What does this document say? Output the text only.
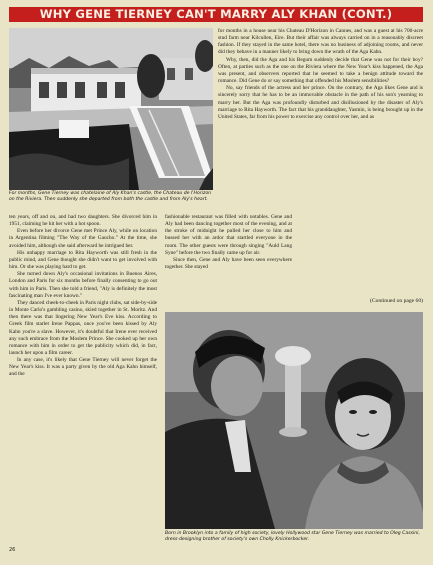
WHY GENE TIERNEY CAN'T MARRY ALY KHAN (CONT.)
For months, Gene Tierney was chatelaine of Aly Khan's castle, the Chateau de l'Horizon on the Riviera. Then suddenly she departed from both the castle and from Aly's heart.

for months in a house near his Chateau D'Horizon in Cannes, and was a guest at his 700-acre stud farm near Kilcullen, Eire. But their affair was always carried on in a reasonably discreet fashion. If they stayed in the same hotel, there was no business of adjoining rooms, and never did they behave in a manner likely to bring down the wrath of the Aga Kahn.

Why, then, did the Aga and his Begum suddenly decide that Gene was not for their boy? Often, at parties such as the one on the Riviera where the New Year's kiss happened, the Aga was present, and observers reported that he seemed to take a benign attitude toward the romance. Did Gene do or say something that offended his Moslem sensibilities?

No, say friends of the actress and her prince. On the contrary, the Aga likes Gene and is sincerely sorry that he has to be an immovable obstacle in the path of his son's yearning to marry her. But the Aga was profoundly disturbed and disillusioned by the disaster of Aly's marriage to Rita Hayworth. The fact that his granddaughter, Yasmin, is being brought up in the United States, far from his power to exercise any control over her, and as

(Continued on page 60)

ten years, off and on, and had two daughters. She divorced him in 1951, claiming he hit her with a hot spoon.

Even before her divorce Gene met Prince Aly, while on location in Argentina filming "The Way of the Gaucho." At the time, she avoided him, although she said afterward he intrigued her.

His unhappy marriage to Rita Hayworth was still fresh in the public mind, and Gene thought she didn't want to get involved with him. Or she was playing hard to get.

She turned down Aly's occasional invitations in Buenos Aires, London and Paris for six months before finally consenting to go out with him in Paris. Then she told a friend, "Aly is definitely the most fascinating man I've ever known."

They danced cheek-to-cheek in Paris night clubs, sat side-by-side in Monte Carlo's gambling casino, skied together in St. Moritz. And then there was that lingering New Year's Eve kiss. According to Greek film starlet Irene Pappas, once you've been kissed by Aly Kahn you're a slave. However, it's doubtful that Irene ever received any such embrace from the Moslem Prince. She cooked up her own romance with him in order to get the publicity which did, in fact, launch her upon a film career.

In any case, it's likely that Gene Tierney will never forget the New Year's kiss. It was a party given by the old Aga Kahn himself, and the

fashionable restaurant was filled with notables. Gene and Aly had been dancing together most of the evening, and at the stroke of midnight he pulled her close to him and bussed her with an ardor that startled everyone in the room. The other guests were through singing "Auld Lang Syne" before the two finally came up for air.

Since then, Gene and Aly have been seen everywhere together. She stayed

Born in Brooklyn into a family of high society, lovely Hollywood star Gene Tierney was married to Oleg Cassini, dress-designing brother of society's own Cholly Knickerbocker.
26
